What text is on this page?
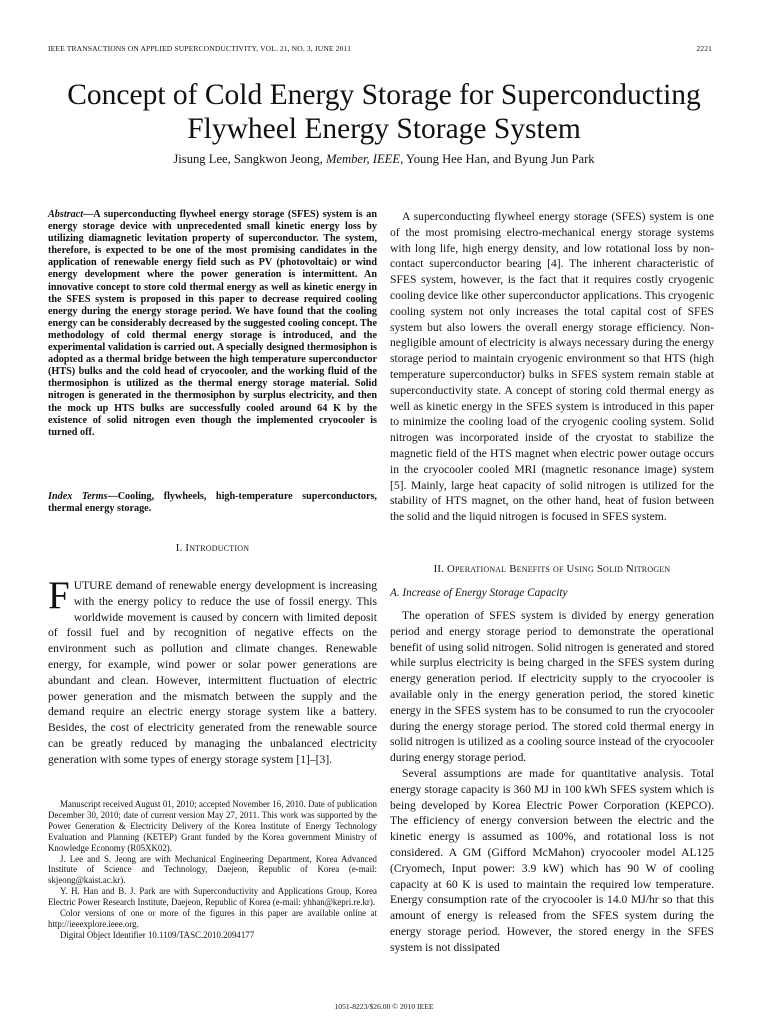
IEEE TRANSACTIONS ON APPLIED SUPERCONDUCTIVITY, VOL. 21, NO. 3, JUNE 2011	2221
Concept of Cold Energy Storage for Superconducting Flywheel Energy Storage System
Jisung Lee, Sangkwon Jeong, Member, IEEE, Young Hee Han, and Byung Jun Park
Abstract—A superconducting flywheel energy storage (SFES) system is an energy storage device with unprecedented small kinetic energy loss by utilizing diamagnetic levitation property of superconductor. The system, therefore, is expected to be one of the most promising candidates in the application of renewable energy field such as PV (photovoltaic) or wind energy development where the power generation is intermittent. An innovative concept to store cold thermal energy as well as kinetic energy in the SFES system is proposed in this paper to decrease required cooling energy during the energy storage period. We have found that the cooling energy can be considerably decreased by the suggested cooling concept. The methodology of cold thermal energy storage is introduced, and the experimental validation is carried out. A specially designed thermosiphon is adopted as a thermal bridge between the high temperature superconductor (HTS) bulks and the cold head of cryocooler, and the working fluid of the thermosiphon is utilized as the thermal energy storage material. Solid nitrogen is generated in the thermosiphon by surplus electricity, and then the mock up HTS bulks are successfully cooled around 64 K by the existence of solid nitrogen even though the implemented cryocooler is turned off.
Index Terms—Cooling, flywheels, high-temperature superconductors, thermal energy storage.
I. Introduction
FUTURE demand of renewable energy development is increasing with the energy policy to reduce the use of fossil energy. This worldwide movement is caused by concern with limited deposit of fossil fuel and by recognition of negative effects on the environment such as pollution and climate changes. Renewable energy, for example, wind power or solar power generations are abundant and clean. However, intermittent fluctuation of electric power generation and the mismatch between the supply and the demand require an electric energy storage system like a battery. Besides, the cost of electricity generated from the renewable source can be greatly reduced by managing the unbalanced electricity generation with some types of energy storage system [1]–[3].

Manuscript received August 01, 2010; accepted November 16, 2010. Date of publication December 30, 2010; date of current version May 27, 2011. This work was supported by the Power Generation & Electricity Delivery of the Korea Institute of Energy Technology Evaluation and Planning (KETEP) Grant funded by the Korea government Ministry of Knowledge Economy (R05XK02).

J. Lee and S. Jeong are with Mechanical Engineering Department, Korea Advanced Institute of Science and Technology, Daejeon, Republic of Korea (e-mail: skjeong@kaist.ac.kr).

Y. H. Han and B. J. Park are with Superconductivity and Applications Group, Korea Electric Power Research Institute, Daejeon, Republic of Korea (e-mail: yhhan@kepri.re.kr).

Color versions of one or more of the figures in this paper are available online at http://ieeexplore.ieee.org.

Digital Object Identifier 10.1109/TASC.2010.2094177

A superconducting flywheel energy storage (SFES) system is one of the most promising electro-mechanical energy storage systems with long life, high energy density, and low rotational loss by non-contact superconductor bearing [4]. The inherent characteristic of SFES system, however, is the fact that it requires costly cryogenic cooling device like other superconductor applications. This cryogenic cooling system not only increases the total capital cost of SFES system but also lowers the overall energy storage efficiency. Non-negligible amount of electricity is always necessary during the energy storage period to maintain cryogenic environment so that HTS (high temperature superconductor) bulks in SFES system remain stable at superconductivity state. A concept of storing cold thermal energy as well as kinetic energy in the SFES system is introduced in this paper to minimize the cooling load of the cryogenic cooling system. Solid nitrogen was incorporated inside of the cryostat to stabilize the magnetic field of the HTS magnet when electric power outage occurs in the cryocooler cooled MRI (magnetic resonance image) system [5]. Mainly, large heat capacity of solid nitrogen is utilized for the stability of HTS magnet, on the other hand, heat of fusion between the solid and the liquid nitrogen is focused in SFES system.

II. Operational Benefits of Using Solid Nitrogen
A. Increase of Energy Storage Capacity

The operation of SFES system is divided by energy generation period and energy storage period to demonstrate the operational benefit of using solid nitrogen. Solid nitrogen is generated and stored while surplus electricity is being charged in the SFES system during energy generation period. If electricity supply to the cryocooler is available only in the energy generation period, the stored kinetic energy in the SFES system has to be consumed to run the cryocooler during the energy storage period. The stored cold thermal energy in solid nitrogen is utilized as a cooling source instead of the cryocooler during energy storage period.

Several assumptions are made for quantitative analysis. Total energy storage capacity is 360 MJ in 100 kWh SFES system which is being developed by Korea Electric Power Corporation (KEPCO). The efficiency of energy conversion between the electric and the kinetic energy is assumed as 100%, and rotational loss is not considered. A GM (Gifford McMahon) cryocooler model AL125 (Cryomech, Input power: 3.9 kW) which has 90 W of cooling capacity at 60 K is used to maintain the required low temperature. Energy consumption rate of the cryocooler is 14.0 MJ/hr so that this amount of energy is released from the SFES system during the energy storage period. However, the stored energy in the SFES system is not dissipated

1051-8223/$26.00 © 2010 IEEE
